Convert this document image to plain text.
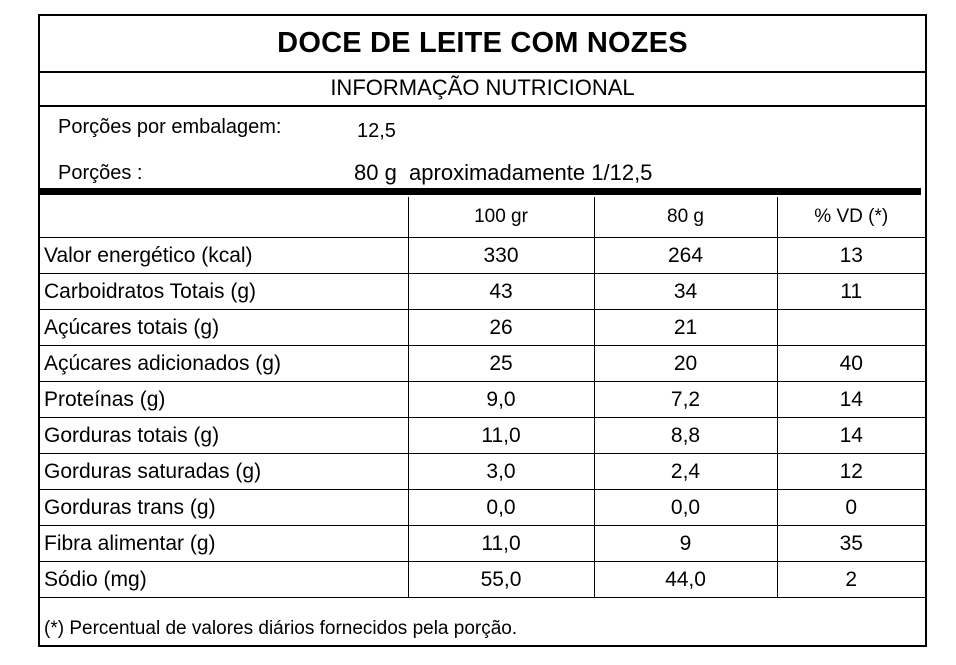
DOCE DE LEITE COM NOZES
INFORMAÇÃO NUTRICIONAL
Porções por embalagem:	12,5
Porções :	80 g  aproximadamente 1/12,5
	100 gr	80 g	% VD (*)
Valor energético (kcal)	330	264	13
Carboidratos Totais (g)	43	34	11
Açúcares totais (g)	26	21	
Açúcares adicionados (g)	25	20	40
Proteínas (g)	9,0	7,2	14
Gorduras totais (g)	11,0	8,8	14
Gorduras saturadas (g)	3,0	2,4	12
Gorduras trans (g)	0,0	0,0	0
Fibra alimentar (g)	11,0	9	35
Sódio (mg)	55,0	44,0	2
(*) Percentual de valores diários fornecidos pela porção.
